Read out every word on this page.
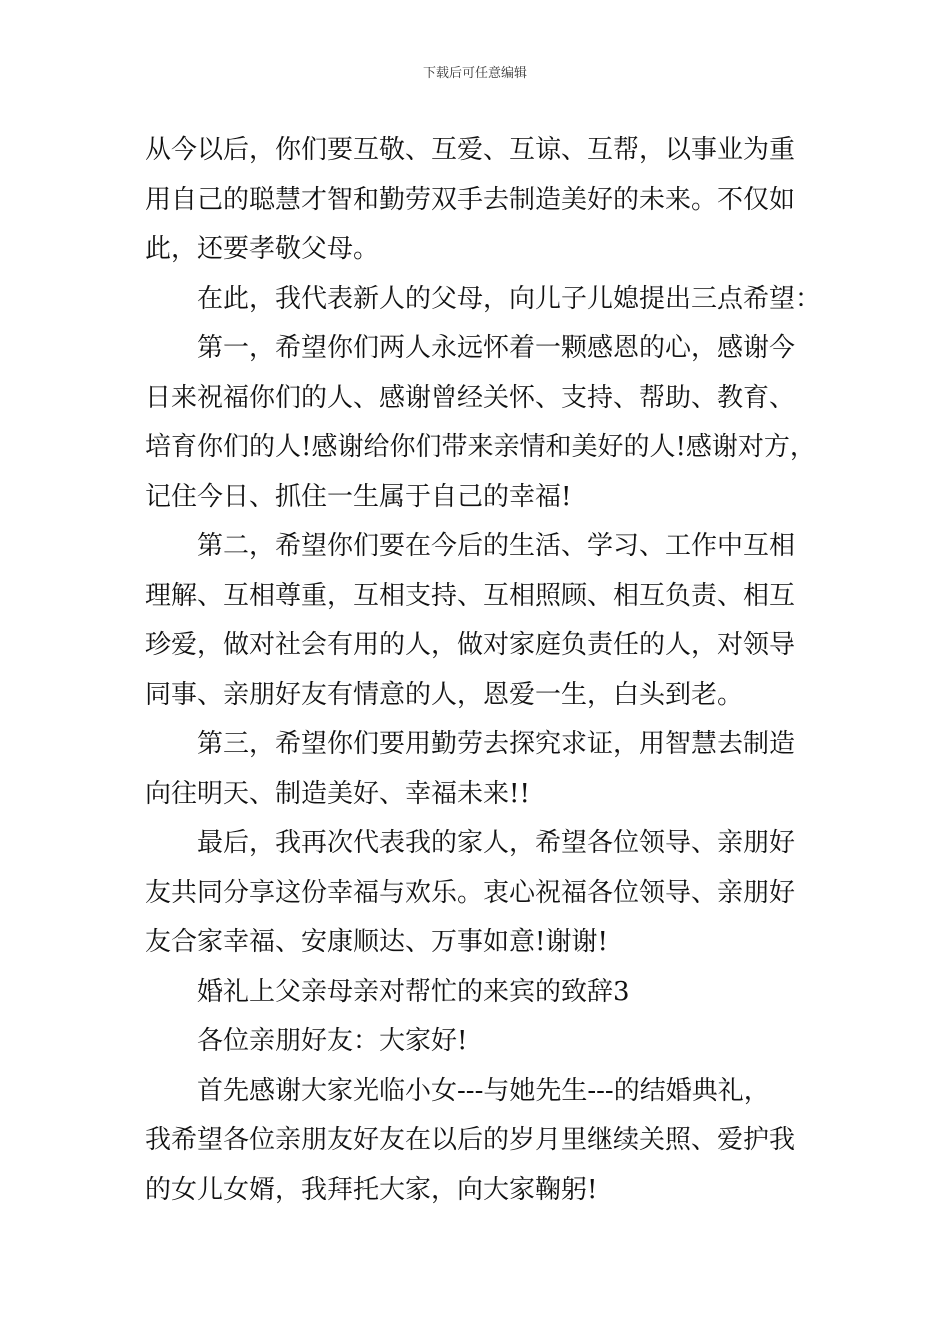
下载后可任意编辑
从今以后，你们要互敬、互爱、互谅、互帮，以事业为重
用自己的聪慧才智和勤劳双手去制造美好的未来。不仅如
此，还要孝敬父母。
在此，我代表新人的父母，向儿子儿媳提出三点希望：
第一，希望你们两人永远怀着一颗感恩的心，感谢今
日来祝福你们的人、感谢曾经关怀、支持、帮助、教育、
培育你们的人!感谢给你们带来亲情和美好的人!感谢对方，
记住今日、抓住一生属于自己的幸福!
第二，希望你们要在今后的生活、学习、工作中互相
理解、互相尊重，互相支持、互相照顾、相互负责、相互
珍爱，做对社会有用的人，做对家庭负责任的人，对领导
同事、亲朋好友有情意的人，恩爱一生，白头到老。
第三，希望你们要用勤劳去探究求证，用智慧去制造
向往明天、制造美好、幸福未来!!
最后，我再次代表我的家人，希望各位领导、亲朋好
友共同分享这份幸福与欢乐。衷心祝福各位领导、亲朋好
友合家幸福、安康顺达、万事如意!谢谢!
婚礼上父亲母亲对帮忙的来宾的致辞3
各位亲朋好友：大家好!
首先感谢大家光临小女---与她先生---的结婚典礼，
我希望各位亲朋友好友在以后的岁月里继续关照、爱护我
的女儿女婿，我拜托大家，向大家鞠躬!
